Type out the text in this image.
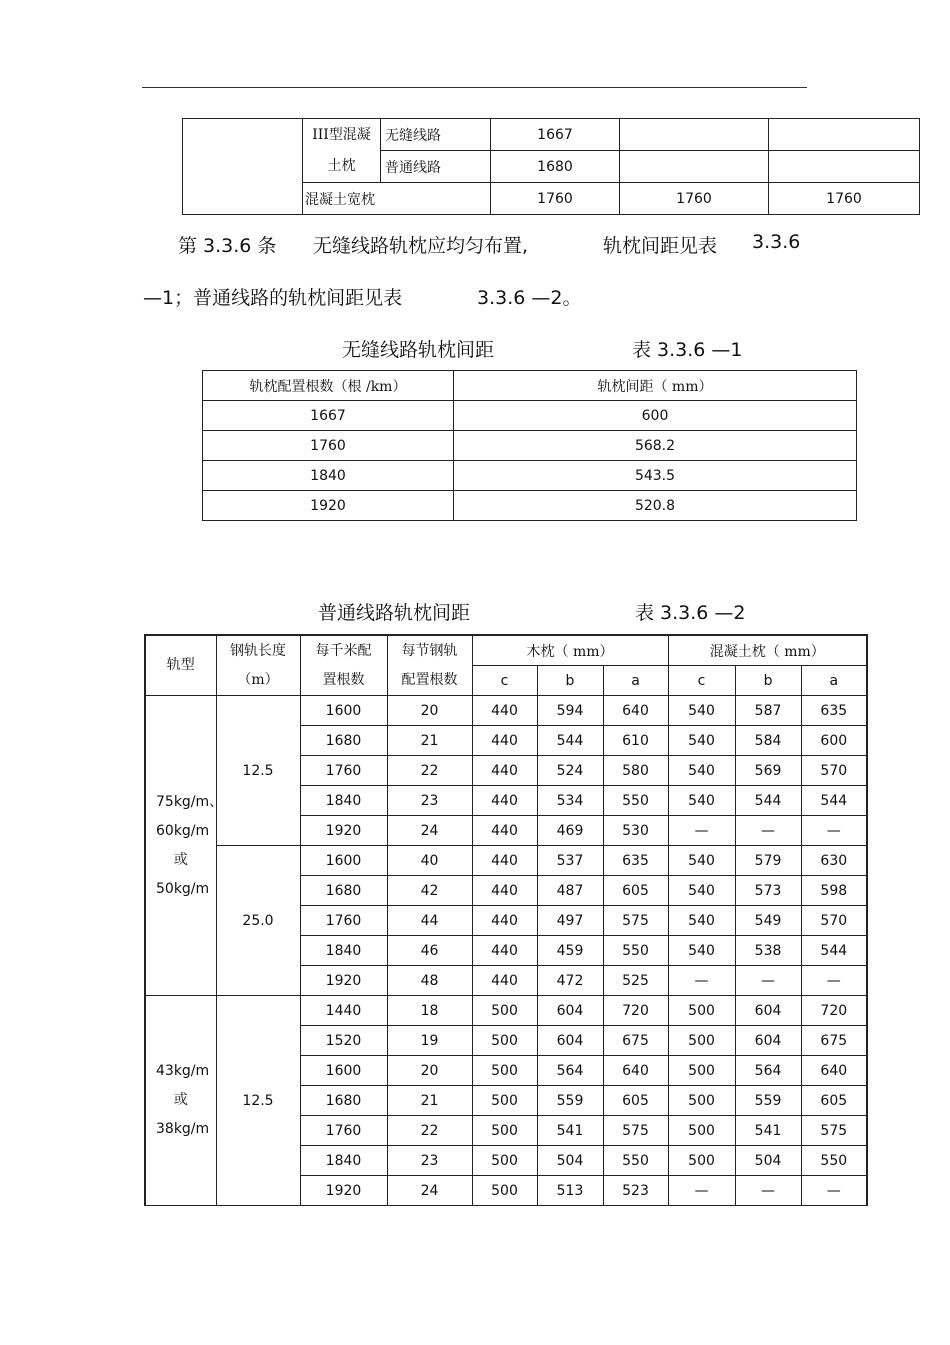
	III型混凝
土枕	无缝线路	1667		
		普通线路	1680		
	混凝土宽枕		1760	1760	1760
第 3.3.6 条 无缝线路轨枕应均匀布置,	轨枕间距见表 3.3.6
—1；普通线路的轨枕间距见表	3.3.6 —2。
无缝线路轨枕间距	表 3.3.6 —1
轨枕配置根数（根 /km）	轨枕间距（ mm）
1667	600
1760	568.2
1840	543.5
1920	520.8
普通线路轨枕间距	表 3.3.6 —2
轨型	钢轨长度（m）	每千米配置根数	每节钢轨配置根数	木枕（ mm）			混凝土枕（ mm）		
				c	b	a	c	b	a
75kg/m、60kg/m 或 50kg/m	12.5	1600	20	440	594	640	540	587	635
		1680	21	440	544	610	540	584	600
		1760	22	440	524	580	540	569	570
		1840	23	440	534	550	540	544	544
		1920	24	440	469	530	—	—	—
	25.0	1600	40	440	537	635	540	579	630
		1680	42	440	487	605	540	573	598
		1760	44	440	497	575	540	549	570
		1840	46	440	459	550	540	538	544
		1920	48	440	472	525	—	—	—
43kg/m 或 38kg/m	12.5	1440	18	500	604	720	500	604	720
		1520	19	500	604	675	500	604	675
		1600	20	500	564	640	500	564	640
		1680	21	500	559	605	500	559	605
		1760	22	500	541	575	500	541	575
		1840	23	500	504	550	500	504	550
		1920	24	500	513	523	—	—	—
